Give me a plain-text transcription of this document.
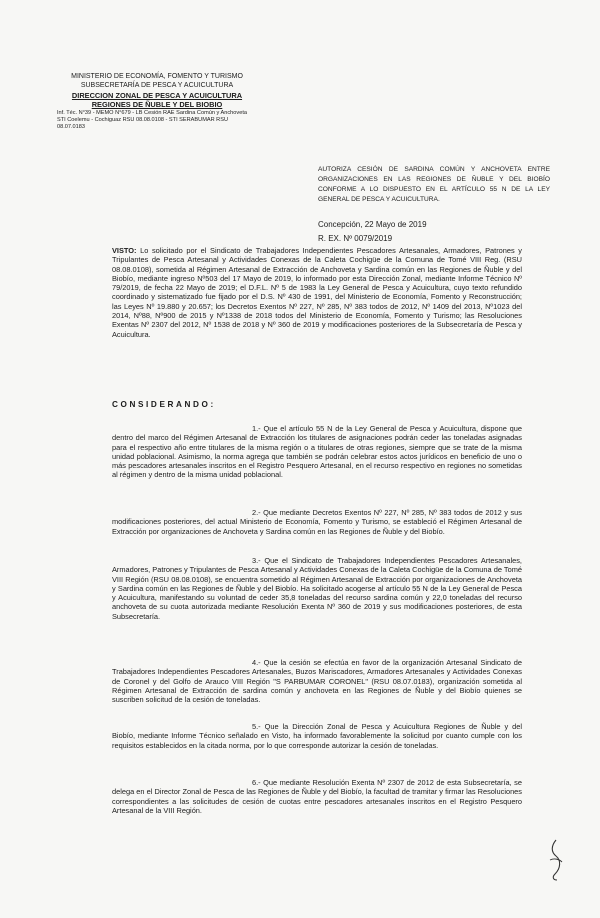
MINISTERIO DE ECONOMÍA, FOMENTO Y TURISMO
SUBSECRETARÍA DE PESCA Y ACUICULTURA
DIRECCION ZONAL DE PESCA Y ACUICULTURA
REGIONES DE ÑUBLE Y DEL BIOBIO
Inf. Téc. N°39 - MEMO N°679 - LB Cesión RAE Sardina Común y Anchoveta
STI Coelemu - Cochiguaz RSU 08.08.0108 - STI SERABUMAR RSU 08.07.0183
AUTORIZA CESIÓN DE SARDINA COMÚN Y ANCHOVETA ENTRE ORGANIZACIONES EN LAS REGIONES DE ÑUBLE Y DEL BIOBÍO CONFORME A LO DISPUESTO EN EL ARTÍCULO 55 N DE LA LEY GENERAL DE PESCA Y ACUICULTURA.
Concepción, 22 Mayo de 2019
R. EX. Nº 0079/2019
VISTO: Lo solicitado por el Sindicato de Trabajadores Independientes Pescadores Artesanales, Armadores, Patrones y Tripulantes de Pesca Artesanal y Actividades Conexas de la Caleta Cochigüe de la Comuna de Tomé VIII Reg. (RSU 08.08.0108), sometida al Régimen Artesanal de Extracción de Anchoveta y Sardina común en las Regiones de Ñuble y del Biobío, mediante ingreso Nº503 del 17 Mayo de 2019, lo informado por esta Dirección Zonal, mediante Informe Técnico Nº 79/2019, de fecha 22 Mayo de 2019; el D.F.L. Nº 5 de 1983 la Ley General de Pesca y Acuicultura, cuyo texto refundido coordinado y sistematizado fue fijado por el D.S. Nº 430 de 1991, del Ministerio de Economía, Fomento y Reconstrucción; las Leyes Nº 19.880 y 20.657; los Decretos Exentos Nº 227, Nº 285, Nº 383 todos de 2012, Nº 1409 del 2013, Nº1023 del 2014, Nº88, Nº900 de 2015 y Nº1338 de 2018 todos del Ministerio de Economía, Fomento y Turismo; las Resoluciones Exentas Nº 2307 del 2012, Nº 1538 de 2018 y Nº 360 de 2019 y modificaciones posteriores de la Subsecretaría de Pesca y Acuicultura.
CONSIDERANDO:
1.- Que el artículo 55 N de la Ley General de Pesca y Acuicultura, dispone que dentro del marco del Régimen Artesanal de Extracción los titulares de asignaciones podrán ceder las toneladas asignadas para el respectivo año entre titulares de la misma región o a titulares de otras regiones, siempre que se trate de la misma unidad poblacional. Asimismo, la norma agrega que también se podrán celebrar estos actos jurídicos en beneficio de uno o más pescadores artesanales inscritos en el Registro Pesquero Artesanal, en el recurso respectivo en regiones no sometidas al régimen y dentro de la misma unidad poblacional.
2.- Que mediante Decretos Exentos Nº 227, Nº 285, Nº 383 todos de 2012 y sus modificaciones posteriores, del actual Ministerio de Economía, Fomento y Turismo, se estableció el Régimen Artesanal de Extracción por organizaciones de Anchoveta y Sardina común en las Regiones de Ñuble y del Biobío.
3.- Que el Sindicato de Trabajadores Independientes Pescadores Artesanales, Armadores, Patrones y Tripulantes de Pesca Artesanal y Actividades Conexas de la Caleta Cochigüe de la Comuna de Tomé VIII Región (RSU 08.08.0108), se encuentra sometido al Régimen Artesanal de Extracción por organizaciones de Anchoveta y Sardina común en las Regiones de Ñuble y del Biobío. Ha solicitado acogerse al artículo 55 N de la Ley General de Pesca y Acuicultura, manifestando su voluntad de ceder 35,8 toneladas del recurso sardina común y 22,0 toneladas del recurso anchoveta de su cuota autorizada mediante Resolución Exenta Nº 360 de 2019 y sus modificaciones posteriores, de esta Subsecretaría.
4.- Que la cesión se efectúa en favor de la organización Artesanal Sindicato de Trabajadores Independientes Pescadores Artesanales, Buzos Mariscadores, Armadores Artesanales y Actividades Conexas de Coronel y del Golfo de Arauco VIII Región "S PARBUMAR CORONEL" (RSU 08.07.0183), organización sometida al Régimen Artesanal de Extracción de sardina común y anchoveta en las Regiones de Ñuble y del Biobío quienes se suscriben solicitud de la cesión de toneladas.
5.- Que la Dirección Zonal de Pesca y Acuicultura Regiones de Ñuble y del Biobío, mediante Informe Técnico señalado en Visto, ha informado favorablemente la solicitud por cuanto cumple con los requisitos establecidos en la citada norma, por lo que corresponde autorizar la cesión de toneladas.
6.- Que mediante Resolución Exenta Nº 2307 de 2012 de esta Subsecretaría, se delega en el Director Zonal de Pesca de las Regiones de Ñuble y del Biobío, la facultad de tramitar y firmar las Resoluciones correspondientes a las solicitudes de cesión de cuotas entre pescadores artesanales inscritos en el Registro Pesquero Artesanal de la VIII Región.
